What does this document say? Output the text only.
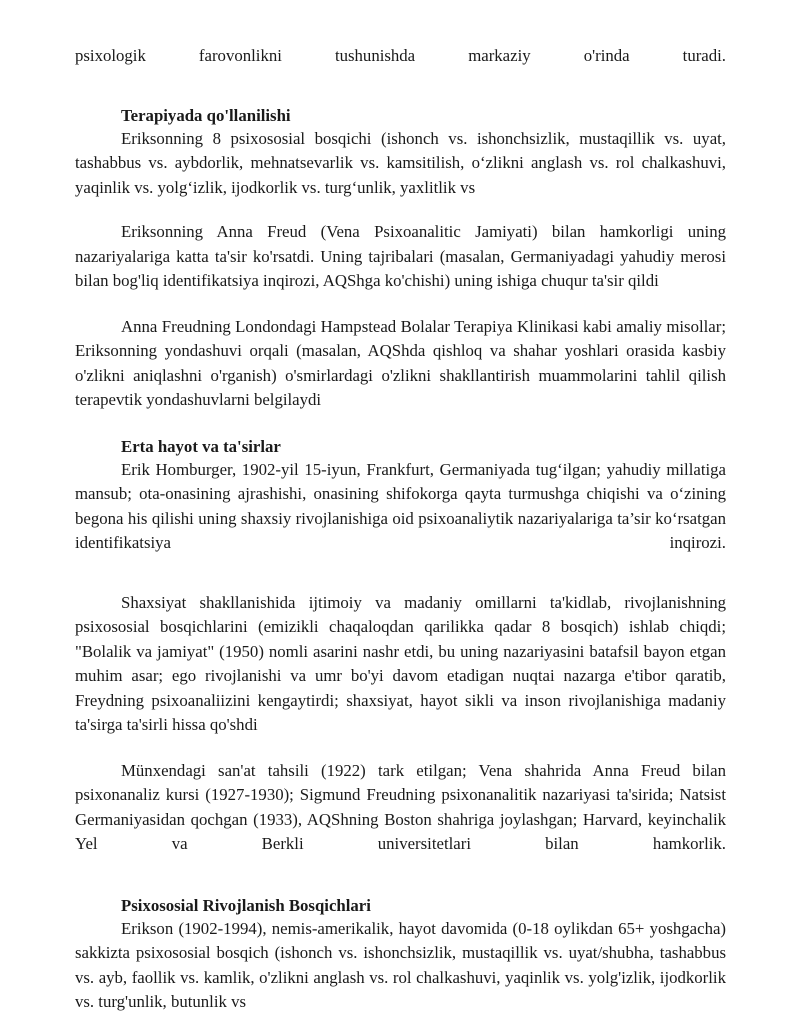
psixologik farovonlikni tushunishda markaziy o'rinda turadi.

Terapiyada qo'llanilishi

Eriksonning 8 psixososial bosqichi (ishonch vs. ishonchsizlik, mustaqillik vs. uyat, tashabbus vs. aybdorlik, mehnatsevarlik vs. kamsitilish, o‘zlikni anglash vs. rol chalkashuvi, yaqinlik vs. yolg‘izlik, ijodkorlik vs. turg‘unlik, yaxlitlik vs

Eriksonning Anna Freud (Vena Psixoanalitic Jamiyati) bilan hamkorligi uning nazariyalariga katta ta'sir ko'rsatdi. Uning tajribalari (masalan, Germaniyadagi yahudiy merosi bilan bog'liq identifikatsiya inqirozi, AQShga ko'chishi) uning ishiga chuqur ta'sir qildi

Anna Freudning Londondagi Hampstead Bolalar Terapiya Klinikasi kabi amaliy misollar; Eriksonning yondashuvi orqali (masalan, AQShda qishloq va shahar yoshlari orasida kasbiy o'zlikni aniqlashni o'rganish) o'smirlardagi o'zlikni shakllantirish muammolarini tahlil qilish terapevtik yondashuvlarni belgilaydi

Erta hayot va ta'sirlar

Erik Homburger, 1902-yil 15-iyun, Frankfurt, Germaniyada tug‘ilgan; yahudiy millatiga mansub; ota-onasining ajrashishi, onasining shifokorga qayta turmushga chiqishi va o‘zining begona his qilishi uning shaxsiy rivojlanishiga oid psixoanaliytik nazariyalariga ta’sir ko‘rsatgan identifikatsiya inqirozi.

Shaxsiyat shakllanishida ijtimoiy va madaniy omillarni ta'kidlab, rivojlanishning psixososial bosqichlarini (emizikli chaqaloqdan qarilikka qadar 8 bosqich) ishlab chiqdi; "Bolalik va jamiyat" (1950) nomli asarini nashr etdi, bu uning nazariyasini batafsil bayon etgan muhim asar; ego rivojlanishi va umr bo'yi davom etadigan nuqtai nazarga e'tibor qaratib, Freydning psixoanaliizini kengaytirdi; shaxsiyat, hayot sikli va inson rivojlanishiga madaniy ta'sirga ta'sirli hissa qo'shdi

Münxendagi san'at tahsili (1922) tark etilgan; Vena shahrida Anna Freud bilan psixonanaliz kursi (1927-1930); Sigmund Freudning psixonanalitik nazariyasi ta'sirida; Natsist Germaniyasidan qochgan (1933), AQShning Boston shahriga joylashgan; Harvard, keyinchalik Yel va Berkli universitetlari bilan hamkorlik.

Psixososial Rivojlanish Bosqichlari

Erikson (1902-1994), nemis-amerikalik, hayot davomida (0-18 oylikdan 65+ yoshgacha) sakkizta psixososial bosqich (ishonch vs. ishonchsizlik, mustaqillik vs. uyat/shubha, tashabbus vs. ayb, faollik vs. kamlik, o'zlikni anglash vs. rol chalkashuvi, yaqinlik vs. yolg'izlik, ijodkorlik vs. turg'unlik, butunlik vs
